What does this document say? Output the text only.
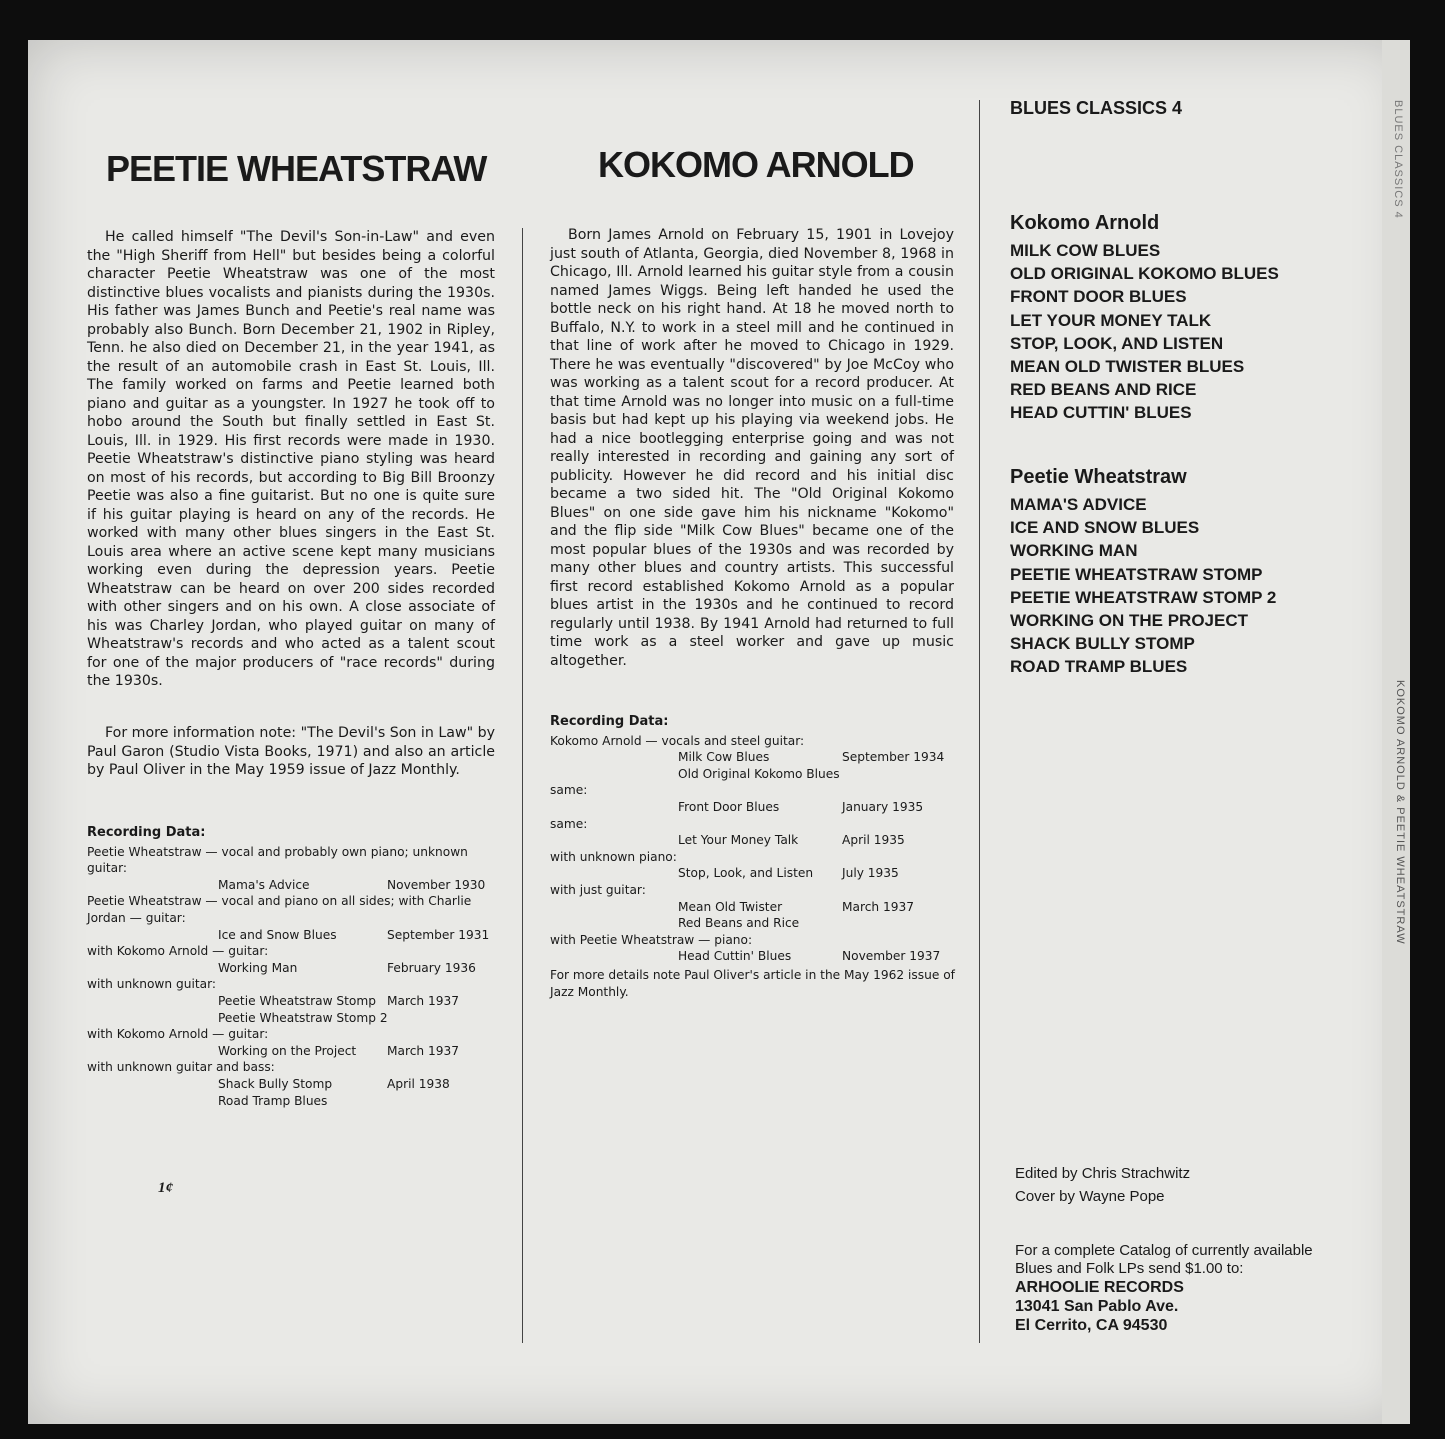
BLUES CLASSICS 4
KOKOMO ARNOLD & PEETIE WHEATSTRAW
PEETIE WHEATSTRAW	KOKOMO ARNOLD

He called himself "The Devil's Son-in-Law" and even the "High Sheriff from Hell" but besides being a colorful character Peetie Wheatstraw was one of the most distinctive blues vocalists and pianists during the 1930s. His father was James Bunch and Peetie's real name was probably also Bunch. Born December 21, 1902 in Ripley, Tenn. he also died on December 21, in the year 1941, as the result of an automobile crash in East St. Louis, Ill. The family worked on farms and Peetie learned both piano and guitar as a youngster. In 1927 he took off to hobo around the South but finally settled in East St. Louis, Ill. in 1929. His first records were made in 1930. Peetie Wheatstraw's distinctive piano styling was heard on most of his records, but according to Big Bill Broonzy Peetie was also a fine guitarist. But no one is quite sure if his guitar playing is heard on any of the records. He worked with many other blues singers in the East St. Louis area where an active scene kept many musicians working even during the depression years. Peetie Wheatstraw can be heard on over 200 sides recorded with other singers and on his own. A close associate of his was Charley Jordan, who played guitar on many of Wheatstraw's records and who acted as a talent scout for one of the major producers of "race records" during the 1930s.

For more information note: "The Devil's Son in Law" by Paul Garon (Studio Vista Books, 1971) and also an article by Paul Oliver in the May 1959 issue of Jazz Monthly.

Recording Data:
Peetie Wheatstraw — vocal and probably own piano; unknown guitar:
Mama's Advice	November 1930
Peetie Wheatstraw — vocal and piano on all sides; with Charlie Jordan — guitar:
Ice and Snow Blues	September 1931
with Kokomo Arnold — guitar:
Working Man	February 1936
with unknown guitar:
Peetie Wheatstraw Stomp March 1937
Peetie Wheatstraw Stomp 2
with Kokomo Arnold — guitar:
Working on the Project	March 1937
with unknown guitar and bass:
Shack Bully Stomp	April 1938
Road Tramp Blues

Born James Arnold on February 15, 1901 in Lovejoy just south of Atlanta, Georgia, died November 8, 1968 in Chicago, Ill. Arnold learned his guitar style from a cousin named James Wiggs. Being left handed he used the bottle neck on his right hand. At 18 he moved north to Buffalo, N.Y. to work in a steel mill and he continued in that line of work after he moved to Chicago in 1929. There he was eventually "discovered" by Joe McCoy who was working as a talent scout for a record producer. At that time Arnold was no longer into music on a full-time basis but had kept up his playing via weekend jobs. He had a nice bootlegging enterprise going and was not really interested in recording and gaining any sort of publicity. However he did record and his initial disc became a two sided hit. The "Old Original Kokomo Blues" on one side gave him his nickname "Kokomo" and the flip side "Milk Cow Blues" became one of the most popular blues of the 1930s and was recorded by many other blues and country artists. This successful first record established Kokomo Arnold as a popular blues artist in the 1930s and he continued to record regularly until 1938. By 1941 Arnold had returned to full time work as a steel worker and gave up music altogether.

Recording Data:
Kokomo Arnold — vocals and steel guitar:
Milk Cow Blues	September 1934
Old Original Kokomo Blues
same:
Front Door Blues	January 1935
same:
Let Your Money Talk	April 1935
with unknown piano:
Stop, Look, and Listen July 1935
with just guitar:
Mean Old Twister	March 1937
Red Beans and Rice
with Peetie Wheatstraw — piano:
Head Cuttin' Blues	November 1937
For more details note Paul Oliver's article in the May 1962 issue of Jazz Monthly.
BLUES CLASSICS 4
Kokomo Arnold
MILK COW BLUES
OLD ORIGINAL KOKOMO BLUES
FRONT DOOR BLUES
LET YOUR MONEY TALK
STOP, LOOK, AND LISTEN
MEAN OLD TWISTER BLUES
RED BEANS AND RICE
HEAD CUTTIN' BLUES
Peetie Wheatstraw
MAMA'S ADVICE
ICE AND SNOW BLUES
WORKING MAN
PEETIE WHEATSTRAW STOMP
PEETIE WHEATSTRAW STOMP 2
WORKING ON THE PROJECT
SHACK BULLY STOMP
ROAD TRAMP BLUES
Edited by Chris Strachwitz
Cover by Wayne Pope
For a complete Catalog of currently available Blues and Folk LPs send $1.00 to:
ARHOOLIE RECORDS
13041 San Pablo Ave.
El Cerrito, CA 94530
1¢
